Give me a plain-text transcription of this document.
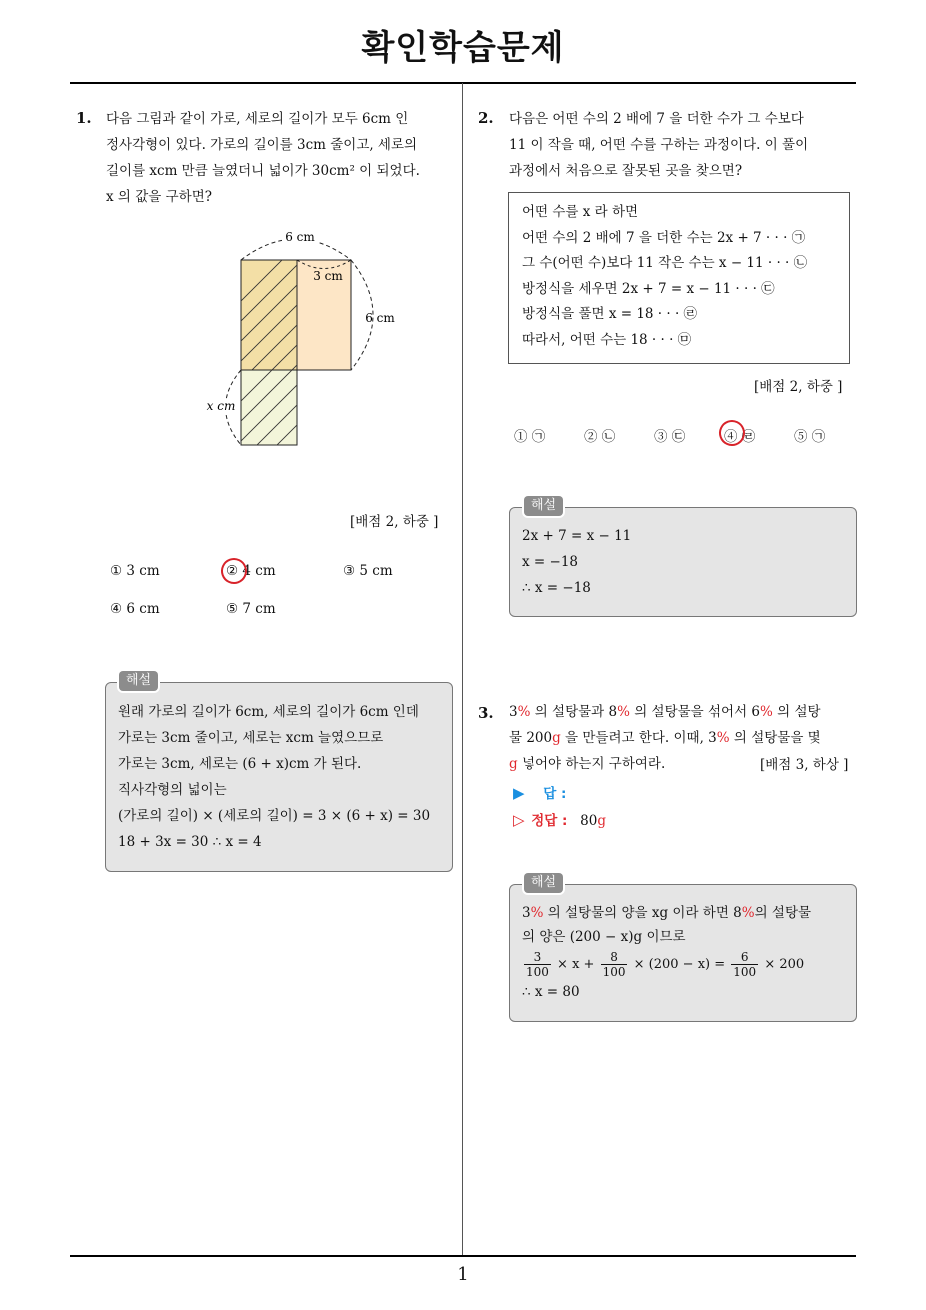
확인학습문제
1. 다음 그림과 같이 가로, 세로의 길이가 모두 6cm 인

정사각형이 있다. 가로의 길이를 3cm 줄이고, 세로의

길이를 xcm 만큼 늘였더니 넓이가 30cm² 이 되었다.

x 의 값을 구하면?

6 cm
3 cm
6 cm
x cm
[배점 2, 하중 ]
① 3 cm	② 4 cm	③ 5 cm
④ 6 cm	⑤ 7 cm
원래 가로의 길이가 6cm, 세로의 길이가 6cm 인데
가로는 3cm 줄이고, 세로는 xcm 늘였으므로
가로는 3cm, 세로는 (6 + x)cm 가 된다.
직사각형의 넓이는
(가로의 길이) × (세로의 길이) = 3 × (6 + x) = 30
18 + 3x = 30 ∴ x = 4
해설
2. 다음은 어떤 수의 2 배에 7 을 더한 수가 그 수보다

11 이 작을 때, 어떤 수를 구하는 과정이다. 이 풀이

과정에서 처음으로 잘못된 곳을 찾으면?

어떤 수를 x 라 하면
어떤 수의 2 배에 7 을 더한 수는 2x + 7 · · · ㉠
그 수(어떤 수)보다 11 작은 수는 x − 11 · · · ㉡
방정식을 세우면 2x + 7 = x − 11 · · · ㉢
방정식을 풀면 x = 18 · · · ㉣
따라서, 어떤 수는 18 · · · ㉤
[배점 2, 하중 ]
① ㉠	② ㉡	③ ㉢	④ ㉣	⑤ ㉠
2x + 7 = x − 11
x = −18
∴ x = −18
해설
3. 3% 의 설탕물과 8% 의 설탕물을 섞어서 6% 의 설탕

물 200g 을 만들려고 한다. 이때, 3% 의 설탕물을 몇

g 넣어야 하는지 구하여라.	[배점 3, 하상 ]
▶ 답 :
▷ 정답 : 80g
3% 의 설탕물의 양을 xg 이라 하면 8%의 설탕물
의 양은 (200 − x)g 이므로
$\frac{3}{100} \times x + \frac{8}{100} \times (200 - x) = \frac{6}{100} \times 200$
∴ x = 80
해설
1
